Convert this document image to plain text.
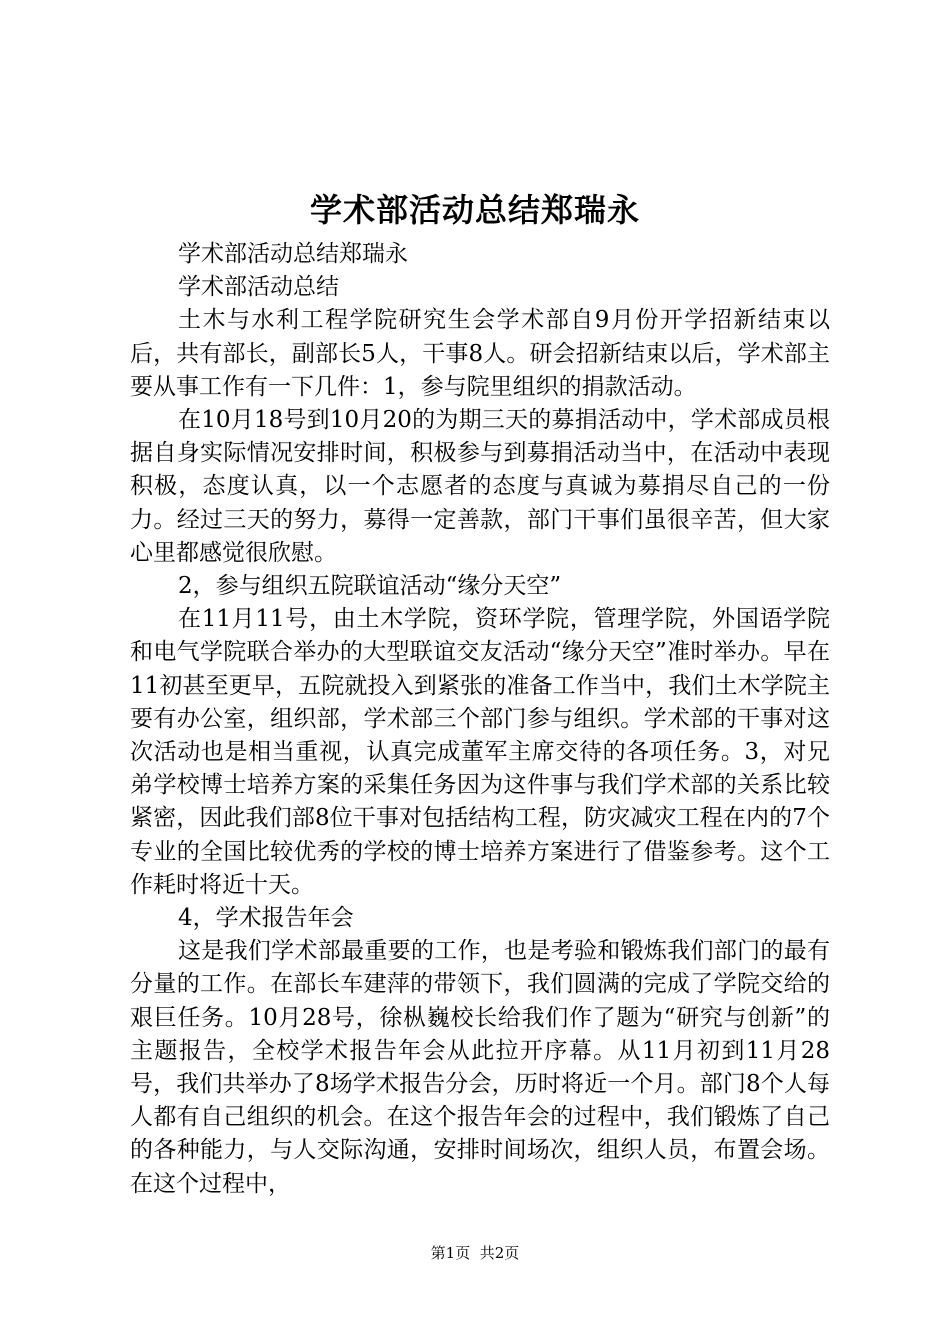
学术部活动总结郑瑞永

学术部活动总结郑瑞永

学术部活动总结

土木与水利工程学院研究生会学术部自9月份开学招新结束以后，共有部长，副部长5人，干事8人。研会招新结束以后，学术部主要从事工作有一下几件：1，参与院里组织的捐款活动。

在10月18号到10月20的为期三天的募捐活动中，学术部成员根据自身实际情况安排时间，积极参与到募捐活动当中，在活动中表现积极，态度认真，以一个志愿者的态度与真诚为募捐尽自己的一份力。经过三天的努力，募得一定善款，部门干事们虽很辛苦，但大家心里都感觉很欣慰。

2，参与组织五院联谊活动“缘分天空”

在11月11号，由土木学院，资环学院，管理学院，外国语学院和电气学院联合举办的大型联谊交友活动“缘分天空”准时举办。早在11初甚至更早，五院就投入到紧张的准备工作当中，我们土木学院主要有办公室，组织部，学术部三个部门参与组织。学术部的干事对这次活动也是相当重视，认真完成董军主席交待的各项任务。3，对兄弟学校博士培养方案的采集任务因为这件事与我们学术部的关系比较紧密，因此我们部8位干事对包括结构工程，防灾减灾工程在内的7个专业的全国比较优秀的学校的博士培养方案进行了借鉴参考。这个工作耗时将近十天。

4，学术报告年会

这是我们学术部最重要的工作，也是考验和锻炼我们部门的最有分量的工作。在部长车建萍的带领下，我们圆满的完成了学院交给的艰巨任务。10月28号，徐枞巍校长给我们作了题为“研究与创新”的主题报告，全校学术报告年会从此拉开序幕。从11月初到11月28号，我们共举办了8场学术报告分会，历时将近一个月。部门8个人每人都有自己组织的机会。在这个报告年会的过程中，我们锻炼了自己的各种能力，与人交际沟通，安排时间场次，组织人员，布置会场。在这个过程中，

第1页 共2页
